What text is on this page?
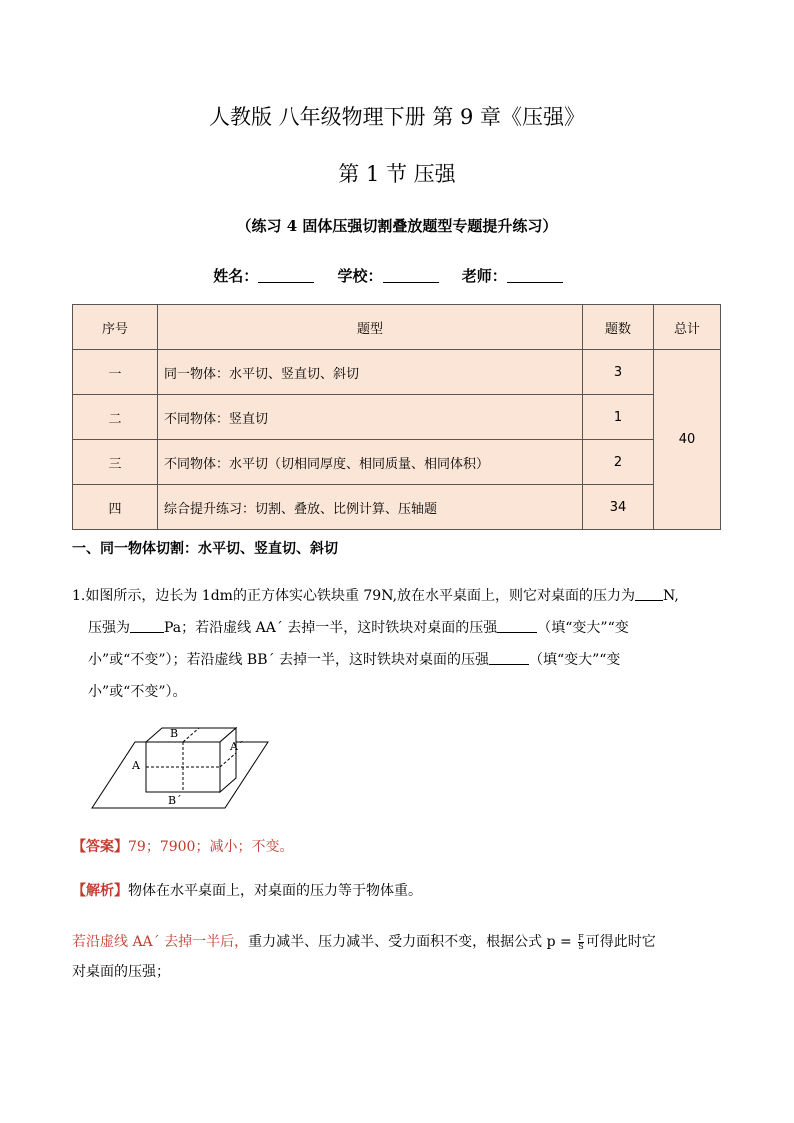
人教版 八年级物理下册 第 9 章《压强》
第 1 节 压强
（练习 4 固体压强切割叠放题型专题提升练习）
姓名：	学校：	老师：
序号	题型	题数	总计
一	同一物体：水平切、竖直切、斜切	3	40
二	不同物体：竖直切	1	
三	不同物体：水平切（切相同厚度、相同质量、相同体积）	2	
四	综合提升练习：切割、叠放、比例计算、压轴题	34	
一、同一物体切割：水平切、竖直切、斜切
1.如图所示，边长为 1dm的正方体实心铁块重 79N,放在水平桌面上，则它对桌面的压力为 N,
压强为 Pa；若沿虚线 AA´ 去掉一半，这时铁块对桌面的压强	（填“变大”“变
小”或“不变”）；若沿虚线 BB´ 去掉一半，这时铁块对桌面的压强	（填“变大”“变
小”或“不变”）。
B
A
A´
B´
【答案】79；7900；减小；不变。
【解析】物体在水平桌面上，对桌面的压力等于物体重。
若沿虚线 AA´ 去掉一半后，重力减半、压力减半、受力面积不变，根据公式 $p = \frac{F}{S}$ 可得此时它
对桌面的压强；
